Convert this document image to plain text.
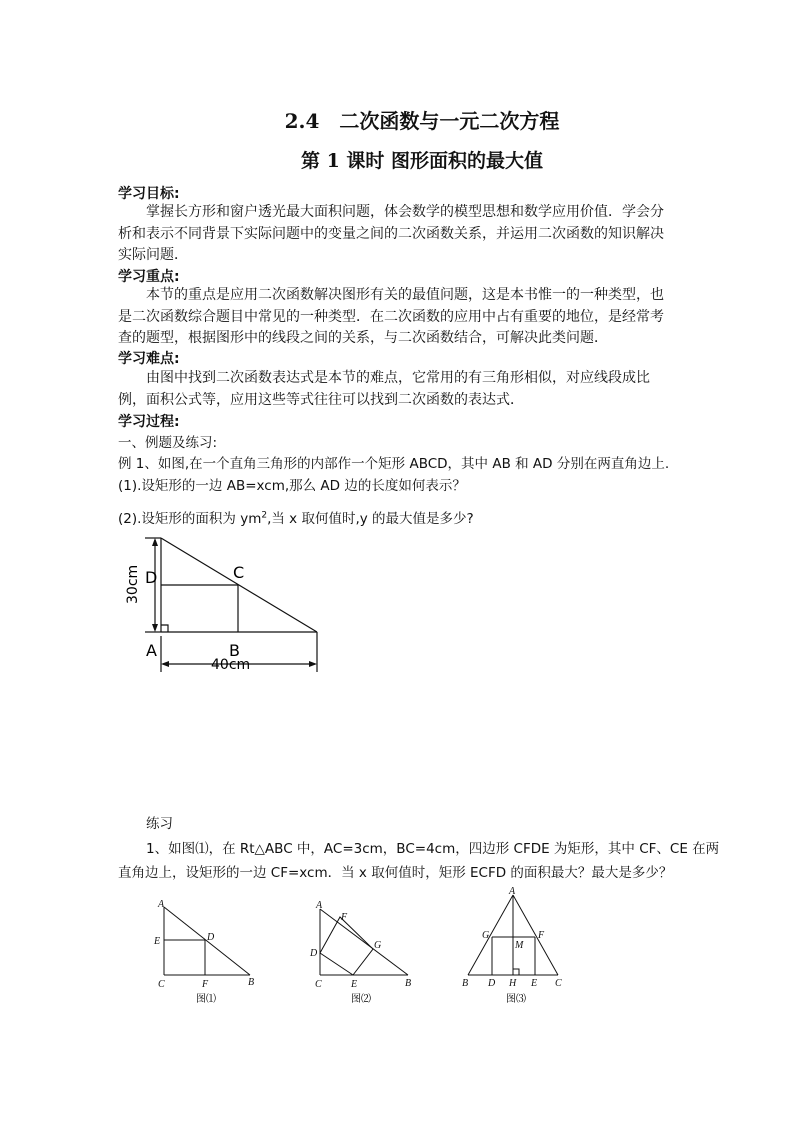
2.4　二次函数与一元二次方程
第 1 课时 图形面积的最大值
学习目标:
掌握长方形和窗户透光最大面积问题，体会数学的模型思想和数学应用价值．学会分析和表示不同背景下实际问题中的变量之间的二次函数关系，并运用二次函数的知识解决实际问题．
学习重点:
本节的重点是应用二次函数解决图形有关的最值问题，这是本书惟一的一种类型，也是二次函数综合题目中常见的一种类型．在二次函数的应用中占有重要的地位，是经常考查的题型，根据图形中的线段之间的关系，与二次函数结合，可解决此类问题．
学习难点:
由图中找到二次函数表达式是本节的难点，它常用的有三角形相似，对应线段成比例，面积公式等，应用这些等式往往可以找到二次函数的表达式．
学习过程:
一、例题及练习:
例 1、如图,在一个直角三角形的内部作一个矩形 ABCD，其中 AB 和 AD 分别在两直角边上.
(1).设矩形的一边 AB=xcm,那么 AD 边的长度如何表示？
(2).设矩形的面积为 $ym^2$,当 x 取何值时,y 的最大值是多少?
D	C
A	B
30cm
40cm
练习
1、如图⑴，在 Rt△ABC 中，AC=3cm，BC=4cm，四边形 CFDE 为矩形，其中 CF、CE 在两
直角边上，设矩形的一边 CF=xcm．当 x 取何值时，矩形 ECFD 的面积最大？最大是多少？
A
E	D
C	F	B
图⑴
A
F
G
D
C	E	B
图⑵
A
G
M
F
B D H E C
图⑶
